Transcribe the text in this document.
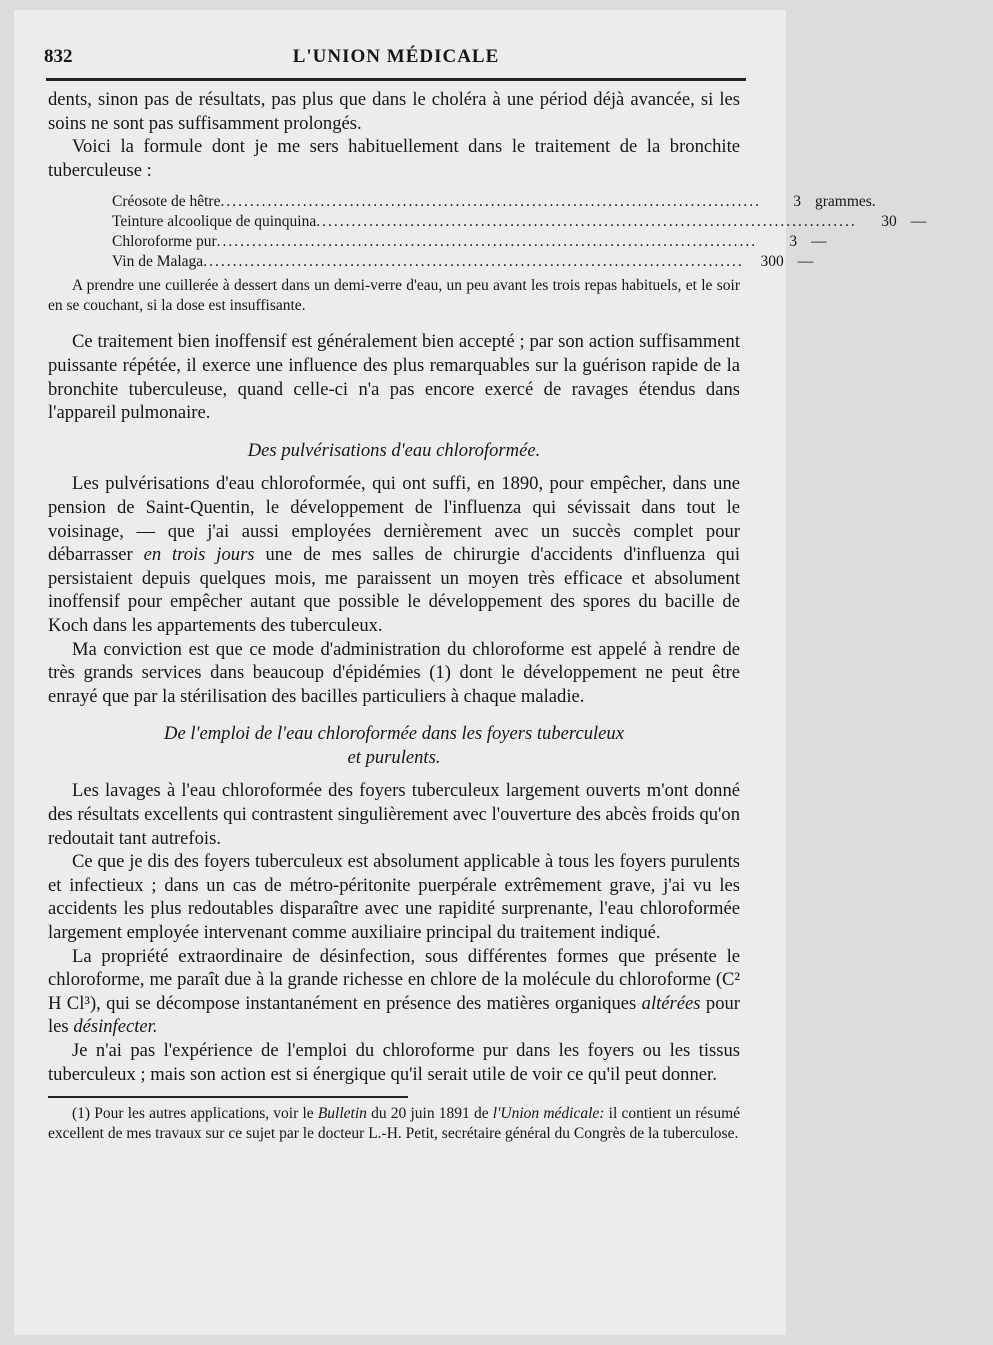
832	L'UNION MÉDICALE

dents, sinon pas de résultats, pas plus que dans le choléra à une périod déjà avancée, si les soins ne sont pas suffisamment prolongés.

Voici la formule dont je me sers habituellement dans le traitement de la bronchite tuberculeuse :

Créosote de hêtre ............................................................................................	3 grammes.
Teinture alcoolique de quinquina ............................................................................................	30 —
Chloroforme pur ............................................................................................	3 —
Vin de Malaga ............................................................................................	300 —

A prendre une cuillerée à dessert dans un demi-verre d'eau, un peu avant les trois repas habituels, et le soir en se couchant, si la dose est insuffisante.

Ce traitement bien inoffensif est généralement bien accepté ; par son action suffisamment puissante répétée, il exerce une influence des plus remarquables sur la guérison rapide de la bronchite tuberculeuse, quand celle-ci n'a pas encore exercé de ravages étendus dans l'appareil pulmonaire.

Des pulvérisations d'eau chloroformée.

Les pulvérisations d'eau chloroformée, qui ont suffi, en 1890, pour empêcher, dans une pension de Saint-Quentin, le développement de l'influenza qui sévissait dans tout le voisinage, — que j'ai aussi employées dernièrement avec un succès complet pour débarrasser en trois jours une de mes salles de chirurgie d'accidents d'influenza qui persistaient depuis quelques mois, me paraissent un moyen très efficace et absolument inoffensif pour empêcher autant que possible le développement des spores du bacille de Koch dans les appartements des tuberculeux.

Ma conviction est que ce mode d'administration du chloroforme est appelé à rendre de très grands services dans beaucoup d'épidémies (1) dont le développement ne peut être enrayé que par la stérilisation des bacilles particuliers à chaque maladie.

De l'emploi de l'eau chloroformée dans les foyers tuberculeux
et purulents.

Les lavages à l'eau chloroformée des foyers tuberculeux largement ouverts m'ont donné des résultats excellents qui contrastent singulièrement avec l'ouverture des abcès froids qu'on redoutait tant autrefois.

Ce que je dis des foyers tuberculeux est absolument applicable à tous les foyers purulents et infectieux ; dans un cas de métro-péritonite puerpérale extrêmement grave, j'ai vu les accidents les plus redoutables disparaître avec une rapidité surprenante, l'eau chloroformée largement employée intervenant comme auxiliaire principal du traitement indiqué.

La propriété extraordinaire de désinfection, sous différentes formes que présente le chloroforme, me paraît due à la grande richesse en chlore de la molécule du chloroforme (C² H Cl³), qui se décompose instantanément en présence des matières organiques altérées pour les désinfecter.

Je n'ai pas l'expérience de l'emploi du chloroforme pur dans les foyers ou les tissus tuberculeux ; mais son action est si énergique qu'il serait utile de voir ce qu'il peut donner.

(1) Pour les autres applications, voir le Bulletin du 20 juin 1891 de l'Union médicale: il contient un résumé excellent de mes travaux sur ce sujet par le docteur L.-H. Petit, secrétaire général du Congrès de la tuberculose.
